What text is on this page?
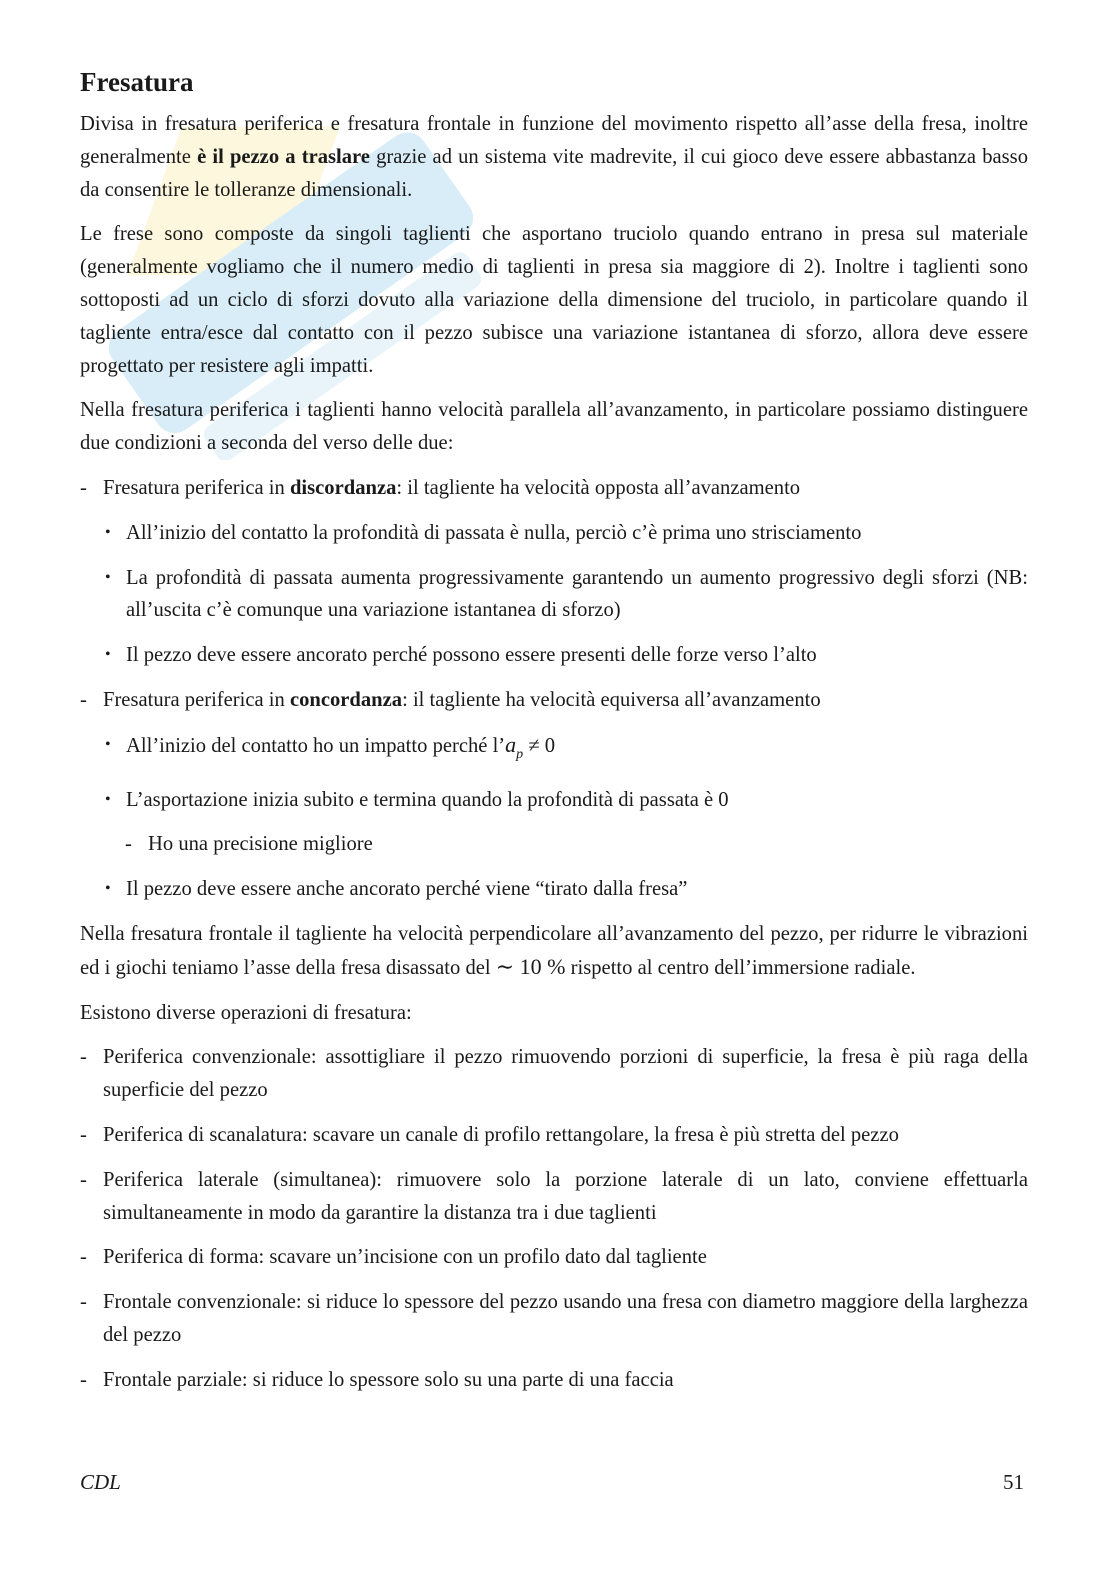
Fresatura

Divisa in fresatura periferica e fresatura frontale in funzione del movimento rispetto all’asse della fresa, inoltre generalmente è il pezzo a traslare grazie ad un sistema vite madrevite, il cui gioco deve essere abbastanza basso da consentire le tolleranze dimensionali.

Le frese sono composte da singoli taglienti che asportano truciolo quando entrano in presa sul materiale (generalmente vogliamo che il numero medio di taglienti in presa sia maggiore di 2). Inoltre i taglienti sono sottoposti ad un ciclo di sforzi dovuto alla variazione della dimensione del truciolo, in particolare quando il tagliente entra/esce dal contatto con il pezzo subisce una variazione istantanea di sforzo, allora deve essere progettato per resistere agli impatti.

Nella fresatura periferica i taglienti hanno velocità parallela all’avanzamento, in particolare possiamo distinguere due condizioni a seconda del verso delle due:

- Fresatura periferica in discordanza: il tagliente ha velocità opposta all’avanzamento
• All’inizio del contatto la profondità di passata è nulla, perciò c’è prima uno strisciamento
• La profondità di passata aumenta progressivamente garantendo un aumento progressivo degli sforzi (NB: all’uscita c’è comunque una variazione istantanea di sforzo)
• Il pezzo deve essere ancorato perché possono essere presenti delle forze verso l’alto
- Fresatura periferica in concordanza: il tagliente ha velocità equiversa all’avanzamento
• All’inizio del contatto ho un impatto perché $l’a_p \ne 0$
• L’asportazione inizia subito e termina quando la profondità di passata è 0
- Ho una precisione migliore
• Il pezzo deve essere anche ancorato perché viene “tirato dalla fresa”

Nella fresatura frontale il tagliente ha velocità perpendicolare all’avanzamento del pezzo, per ridurre le vibrazioni ed i giochi teniamo l’asse della fresa disassato del ∼ 10 % rispetto al centro dell’immersione radiale.

Esistono diverse operazioni di fresatura:

- Periferica convenzionale: assottigliare il pezzo rimuovendo porzioni di superficie, la fresa è più raga della superficie del pezzo
- Periferica di scanalatura: scavare un canale di profilo rettangolare, la fresa è più stretta del pezzo
- Periferica laterale (simultanea): rimuovere solo la porzione laterale di un lato, conviene effettuarla simultaneamente in modo da garantire la distanza tra i due taglienti
- Periferica di forma: scavare un’incisione con un profilo dato dal tagliente
- Frontale convenzionale: si riduce lo spessore del pezzo usando una fresa con diametro maggiore della larghezza del pezzo
- Frontale parziale: si riduce lo spessore solo su una parte di una faccia
CDL	51
